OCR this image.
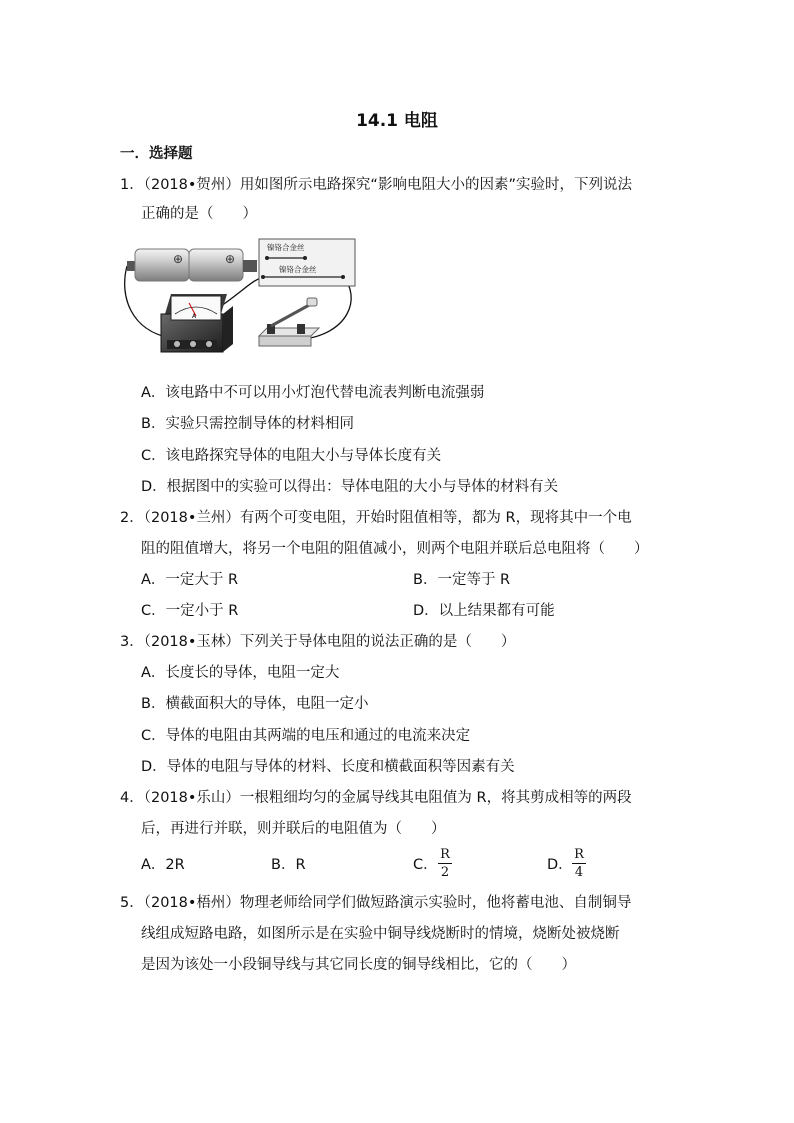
14.1 电阻
一．选择题
1．（2018•贺州）用如图所示电路探究“影响电阻大小的因素”实验时，下列说法
正确的是（　　）
⊕	⊕
镍铬合金丝
镍铬合金丝
A
A．该电路中不可以用小灯泡代替电流表判断电流强弱
B．实验只需控制导体的材料相同
C．该电路探究导体的电阻大小与导体长度有关
D．根据图中的实验可以得出：导体电阻的大小与导体的材料有关
2．（2018•兰州）有两个可变电阻，开始时阻值相等，都为 R，现将其中一个电
阻的阻值增大，将另一个电阻的阻值减小，则两个电阻并联后总电阻将（　　）
A．一定大于 R	B．一定等于 R
C．一定小于 R	D．以上结果都有可能
3．（2018•玉林）下列关于导体电阻的说法正确的是（　　）
A．长度长的导体，电阻一定大
B．横截面积大的导体，电阻一定小
C．导体的电阻由其两端的电压和通过的电流来决定
D．导体的电阻与导体的材料、长度和横截面积等因素有关
4．（2018•乐山）一根粗细均匀的金属导线其电阻值为 R，将其剪成相等的两段
后，再进行并联，则并联后的电阻值为（　　）
A．2R	B．R	C． $\frac{R}{2}$	D． $\frac{R}{4}$
5．（2018•梧州）物理老师给同学们做短路演示实验时，他将蓄电池、自制铜导
线组成短路电路，如图所示是在实验中铜导线烧断时的情境，烧断处被烧断
是因为该处一小段铜导线与其它同长度的铜导线相比，它的（　　）
